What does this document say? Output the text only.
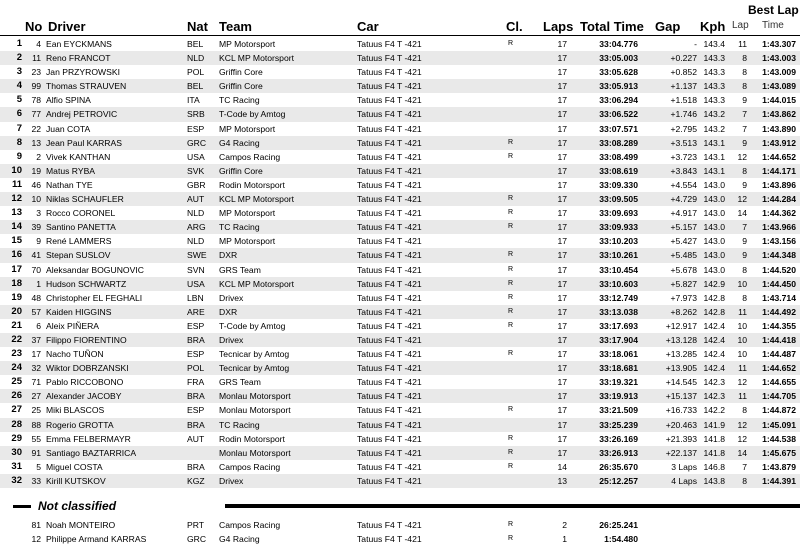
Best Lap
No Driver	Nat Team	Car	Cl. Laps Total Time Gap Kph Lap Time
1	4 Ean EYCKMANS	BEL MP Motorsport	Tatuus F4 T -421	R	17	33:04.776	- 143.4	11	1:43.307
2	11 Reno FRANCOT	NLD KCL MP Motorsport	Tatuus F4 T -421	17	33:05.003	+0.227 143.3	8	1:43.003
3	23 Jan PRZYROWSKI	POL Griffin Core	Tatuus F4 T -421	17	33:05.628	+0.852 143.3	8	1:43.009
4	99 Thomas STRAUVEN	BEL Griffin Core	Tatuus F4 T -421	17	33:05.913	+1.137 143.3	8	1:43.089
5	78 Alfio SPINA	ITA TC Racing	Tatuus F4 T -421	17	33:06.294	+1.518 143.3	9	1:44.015
6	77 Andrej PETROVIC	SRB T-Code by Amtog	Tatuus F4 T -421	17	33:06.522	+1.746 143.2	7	1:43.862
7	22 Juan COTA	ESP MP Motorsport	Tatuus F4 T -421	17	33:07.571	+2.795 143.2	7	1:43.890
8	13 Jean Paul KARRAS	GRC G4 Racing	Tatuus F4 T -421	R	17	33:08.289	+3.513 143.1	9	1:43.912
9	2 Vivek KANTHAN	USA Campos Racing	Tatuus F4 T -421	R	17	33:08.499	+3.723 143.1	12	1:44.652
10	19 Matus RYBA	SVK Griffin Core	Tatuus F4 T -421	17	33:08.619	+3.843 143.1	8	1:44.171
11	46 Nathan TYE	GBR Rodin Motorsport	Tatuus F4 T -421	17	33:09.330	+4.554 143.0	9	1:43.896
12	10 Niklas SCHAUFLER	AUT KCL MP Motorsport	Tatuus F4 T -421	R	17	33:09.505	+4.729 143.0	12	1:44.284
13	3 Rocco CORONEL	NLD MP Motorsport	Tatuus F4 T -421	R	17	33:09.693	+4.917 143.0	14	1:44.362
14	39 Santino PANETTA	ARG TC Racing	Tatuus F4 T -421	R	17	33:09.933	+5.157 143.0	7	1:43.966
15	9 René LAMMERS	NLD MP Motorsport	Tatuus F4 T -421	17	33:10.203	+5.427 143.0	9	1:43.156
16	41 Stepan SUSLOV	SWE DXR	Tatuus F4 T -421	R	17	33:10.261	+5.485 143.0	9	1:44.348
17	70 Aleksandar BOGUNOVIC	SVN GRS Team	Tatuus F4 T -421	R	17	33:10.454	+5.678 143.0	8	1:44.520
18	1 Hudson SCHWARTZ	USA KCL MP Motorsport	Tatuus F4 T -421	R	17	33:10.603	+5.827 142.9	10	1:44.450
19	48 Christopher EL FEGHALI	LBN Drivex	Tatuus F4 T -421	R	17	33:12.749	+7.973 142.8	8	1:43.714
20	57 Kaiden HIGGINS	ARE DXR	Tatuus F4 T -421	R	17	33:13.038	+8.262 142.8	11	1:44.492
21	6 Aleix PIÑERA	ESP T-Code by Amtog	Tatuus F4 T -421	R	17	33:17.693	+12.917 142.4	10	1:44.355
22	37 Filippo FIORENTINO	BRA Drivex	Tatuus F4 T -421	17	33:17.904	+13.128 142.4	10	1:44.418
23	17 Nacho TUÑON	ESP Tecnicar by Amtog	Tatuus F4 T -421	R	17	33:18.061	+13.285 142.4	10	1:44.487
24	32 Wiktor DOBRZANSKI	POL Tecnicar by Amtog	Tatuus F4 T -421	17	33:18.681	+13.905 142.4	11	1:44.652
25	71 Pablo RICCOBONO	FRA GRS Team	Tatuus F4 T -421	17	33:19.321	+14.545 142.3	12	1:44.655
26	27 Alexander JACOBY	BRA Monlau Motorsport	Tatuus F4 T -421	17	33:19.913	+15.137 142.3	11	1:44.705
27	25 Miki BLASCOS	ESP Monlau Motorsport	Tatuus F4 T -421	R	17	33:21.509	+16.733 142.2	8	1:44.872
28	88 Rogerio GROTTA	BRA TC Racing	Tatuus F4 T -421	17	33:25.239	+20.463 141.9	12	1:45.091
29	55 Emma FELBERMAYR	AUT Rodin Motorsport	Tatuus F4 T -421	R	17	33:26.169	+21.393 141.8	12	1:44.538
30	91 Santiago BAZTARRICA	Monlau Motorsport	Tatuus F4 T -421	R	17	33:26.913	+22.137 141.8	14	1:45.675
31	5 Miguel COSTA	BRA Campos Racing	Tatuus F4 T -421	R	14	26:35.670	3 Laps 146.8	7	1:43.879
32	33 Kirill KUTSKOV	KGZ Drivex	Tatuus F4 T -421	13	25:12.257	4 Laps 143.8	8	1:44.391
Not classified
81 Noah MONTEIRO	PRT Campos Racing	Tatuus F4 T -421	R	2	26:25.241
12 Philippe Armand KARRAS	GRC G4 Racing	Tatuus F4 T -421	R	1	1:54.480
